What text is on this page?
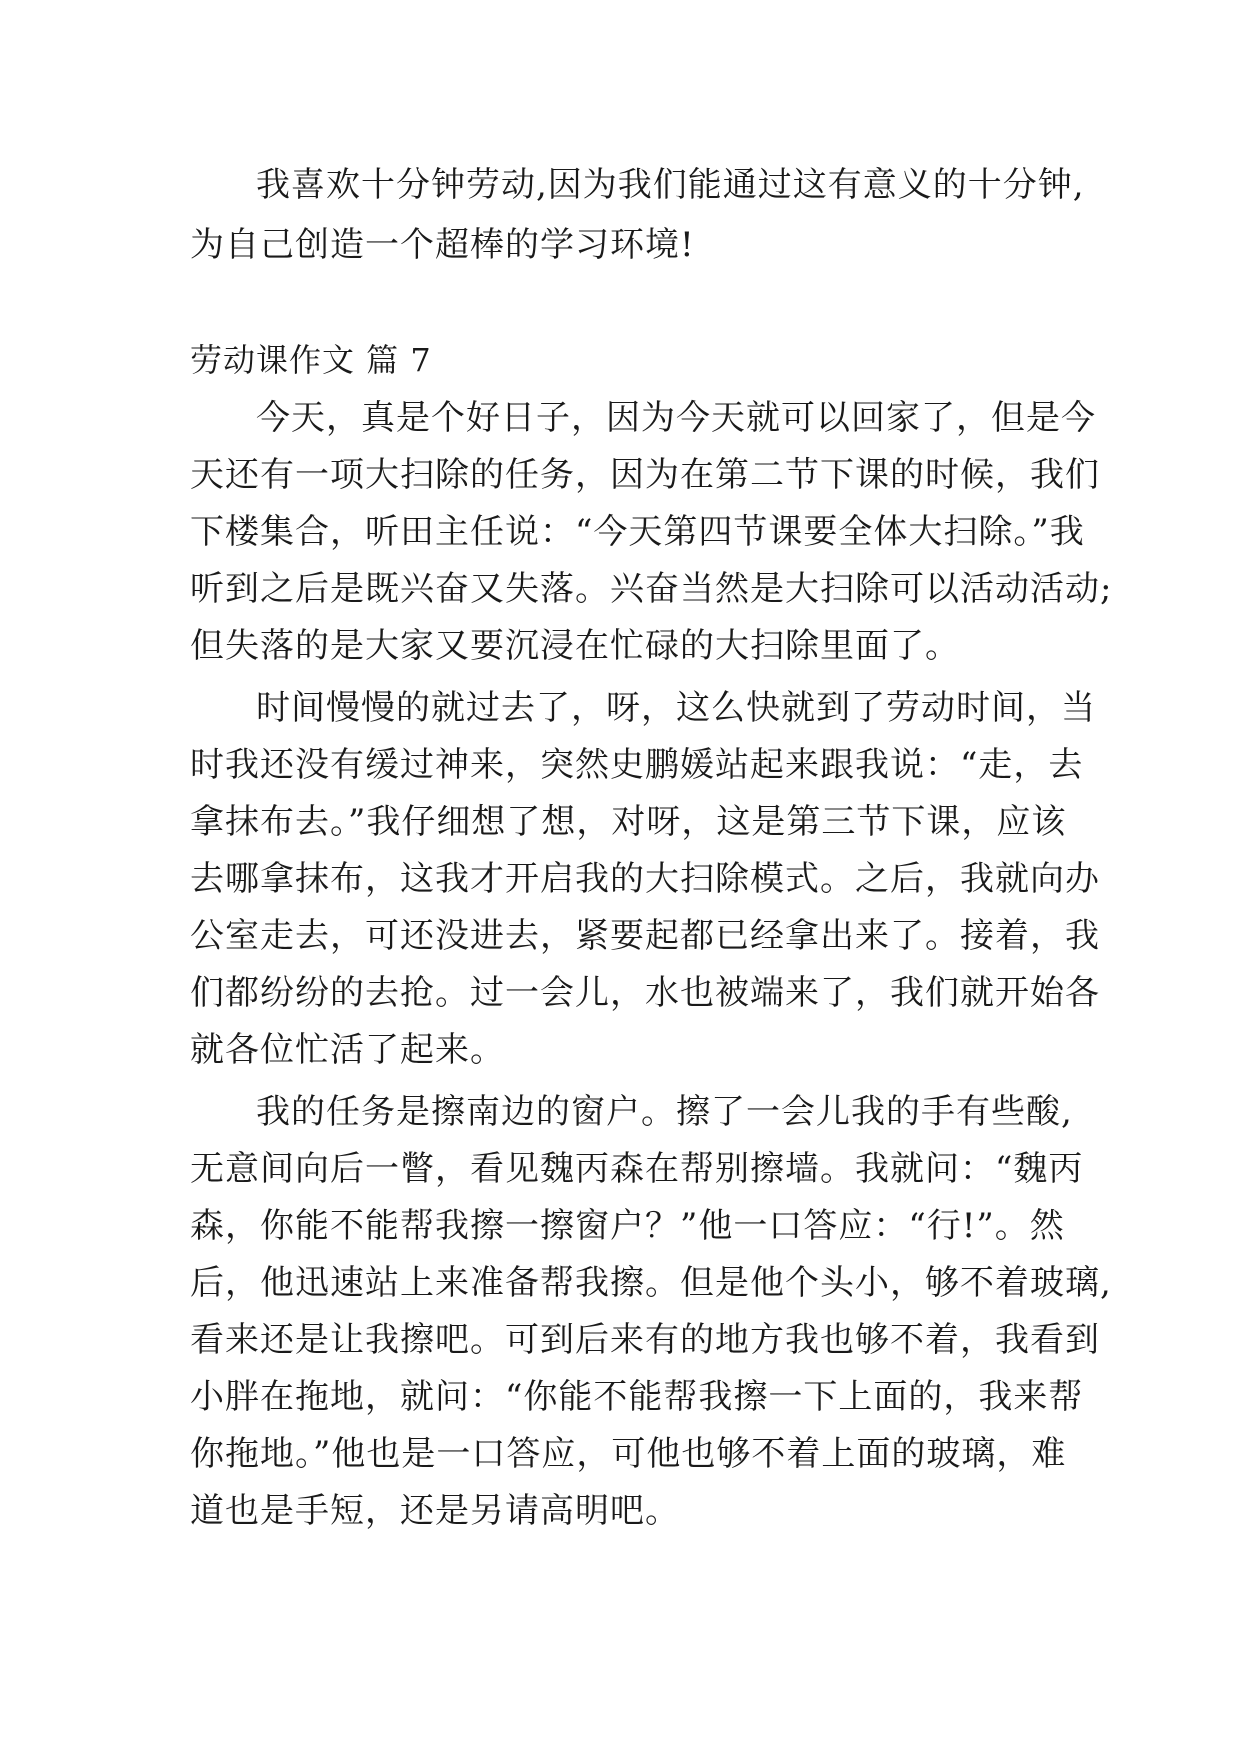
我喜欢十分钟劳动,因为我们能通过这有意义的十分钟,
为自己创造一个超棒的学习环境!
劳动课作文 篇 7
今天，真是个好日子，因为今天就可以回家了，但是今
天还有一项大扫除的任务，因为在第二节下课的时候，我们
下楼集合，听田主任说：“今天第四节课要全体大扫除。”我
听到之后是既兴奋又失落。兴奋当然是大扫除可以活动活动;
但失落的是大家又要沉浸在忙碌的大扫除里面了。
时间慢慢的就过去了，呀，这么快就到了劳动时间，当
时我还没有缓过神来，突然史鹏媛站起来跟我说：“走，去
拿抹布去。”我仔细想了想，对呀，这是第三节下课，应该
去哪拿抹布，这我才开启我的大扫除模式。之后，我就向办
公室走去，可还没进去，紧要起都已经拿出来了。接着，我
们都纷纷的去抢。过一会儿，水也被端来了，我们就开始各
就各位忙活了起来。
我的任务是擦南边的窗户。擦了一会儿我的手有些酸,
无意间向后一瞥，看见魏丙森在帮别擦墙。我就问：“魏丙
森，你能不能帮我擦一擦窗户？”他一口答应：“行!”。然
后，他迅速站上来准备帮我擦。但是他个头小，够不着玻璃,
看来还是让我擦吧。可到后来有的地方我也够不着，我看到
小胖在拖地，就问：“你能不能帮我擦一下上面的，我来帮
你拖地。”他也是一口答应，可他也够不着上面的玻璃，难
道也是手短，还是另请高明吧。
